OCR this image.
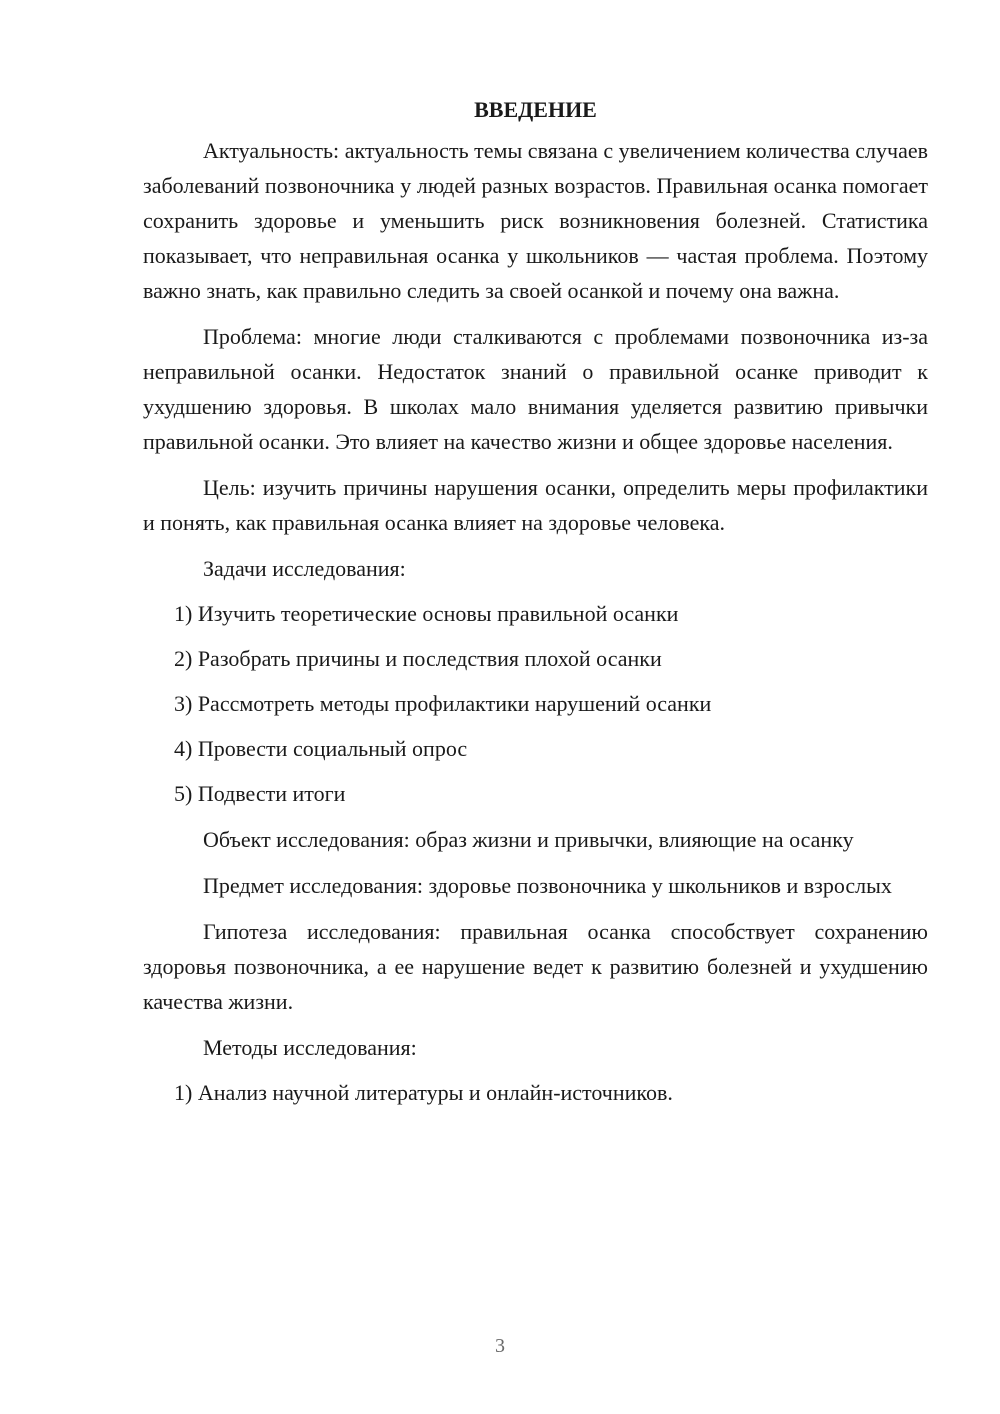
ВВЕДЕНИЕ

Актуальность: актуальность темы связана с увеличением количества случаев заболеваний позвоночника у людей разных возрастов. Правильная осанка помогает сохранить здоровье и уменьшить риск возникновения болезней. Статистика показывает, что неправильная осанка у школьников — частая проблема. Поэтому важно знать, как правильно следить за своей осанкой и почему она важна.

Проблема: многие люди сталкиваются с проблемами позвоночника из-за неправильной осанки. Недостаток знаний о правильной осанке приводит к ухудшению здоровья. В школах мало внимания уделяется развитию привычки правильной осанки. Это влияет на качество жизни и общее здоровье населения.

Цель: изучить причины нарушения осанки, определить меры профилактики и понять, как правильная осанка влияет на здоровье человека.

Задачи исследования:

1) Изучить теоретические основы правильной осанки

2) Разобрать причины и последствия плохой осанки

3) Рассмотреть методы профилактики нарушений осанки

4) Провести социальный опрос

5) Подвести итоги

Объект исследования: образ жизни и привычки, влияющие на осанку

Предмет исследования: здоровье позвоночника у школьников и взрослых

Гипотеза исследования: правильная осанка способствует сохранению здоровья позвоночника, а ее нарушение ведет к развитию болезней и ухудшению качества жизни.

Методы исследования:

1) Анализ научной литературы и онлайн-источников.

3
